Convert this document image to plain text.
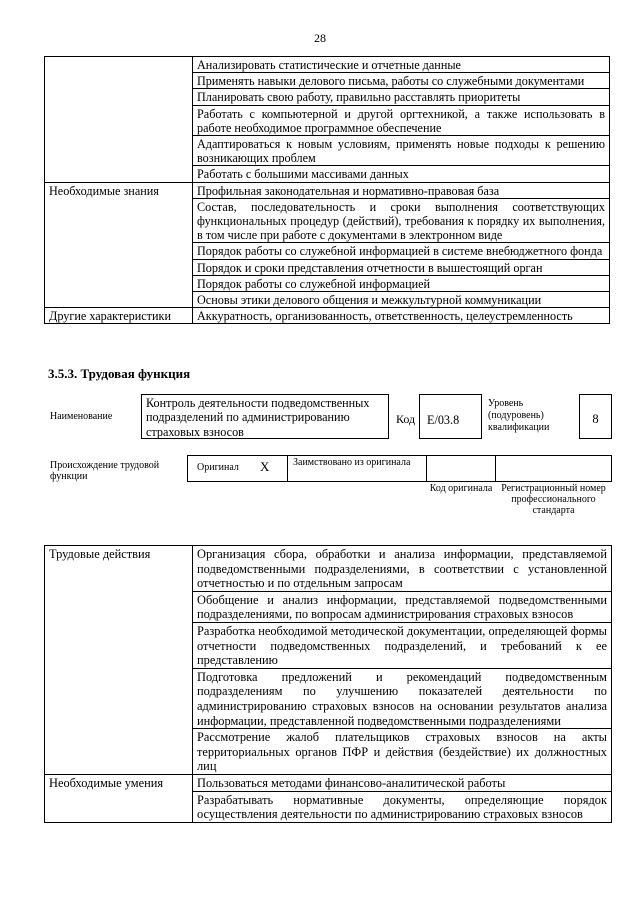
28
	Анализировать статистические и отчетные данные
	Применять навыки делового письма, работы со служебными документами
	Планировать свою работу, правильно расставлять приоритеты
	Работать с компьютерной и другой оргтехникой, а также использовать в работе необходимое программное обеспечение
	Адаптироваться к новым условиям, применять новые подходы к решению возникающих проблем
	Работать с большими массивами данных
Необходимые знания	Профильная законодательная и нормативно-правовая база
	Состав, последовательность и сроки выполнения соответствующих функциональных процедур (действий), требования к порядку их выполнения, в том числе при работе с документами в электронном виде
	Порядок работы со служебной информацией в системе внебюджетного фонда
	Порядок и сроки представления отчетности в вышестоящий орган
	Порядок работы со служебной информацией
	Основы этики делового общения и межкультурной коммуникации
Другие характеристики	Аккуратность, организованность, ответственность, целеустремленность
3.5.3. Трудовая функция
Наименование
Контроль деятельности подведомственных подразделений по администрированию страховых взносов
Код E/03.8
Уровень (подуровень) квалификации
8
Происхождение трудовой функции
Оригинал X	Заимствовано из оригинала
Код оригинала Регистрационный номер профессионального стандарта
Трудовые действия	Организация сбора, обработки и анализа информации, представляемой подведомственными подразделениями, в соответствии с установленной отчетностью и по отдельным запросам
	Обобщение и анализ информации, представляемой подведомственными подразделениями, по вопросам администрирования страховых взносов
	Разработка необходимой методической документации, определяющей формы отчетности подведомственных подразделений, и требований к ее представлению
	Подготовка предложений и рекомендаций подведомственным подразделениям по улучшению показателей деятельности по администрированию страховых взносов на основании результатов анализа информации, представленной подведомственными подразделениями
	Рассмотрение жалоб плательщиков страховых взносов на акты территориальных органов ПФР и действия (бездействие) их должностных лиц
Необходимые умения	Пользоваться методами финансово-аналитической работы
	Разрабатывать нормативные документы, определяющие порядок осуществления деятельности по администрированию страховых взносов
